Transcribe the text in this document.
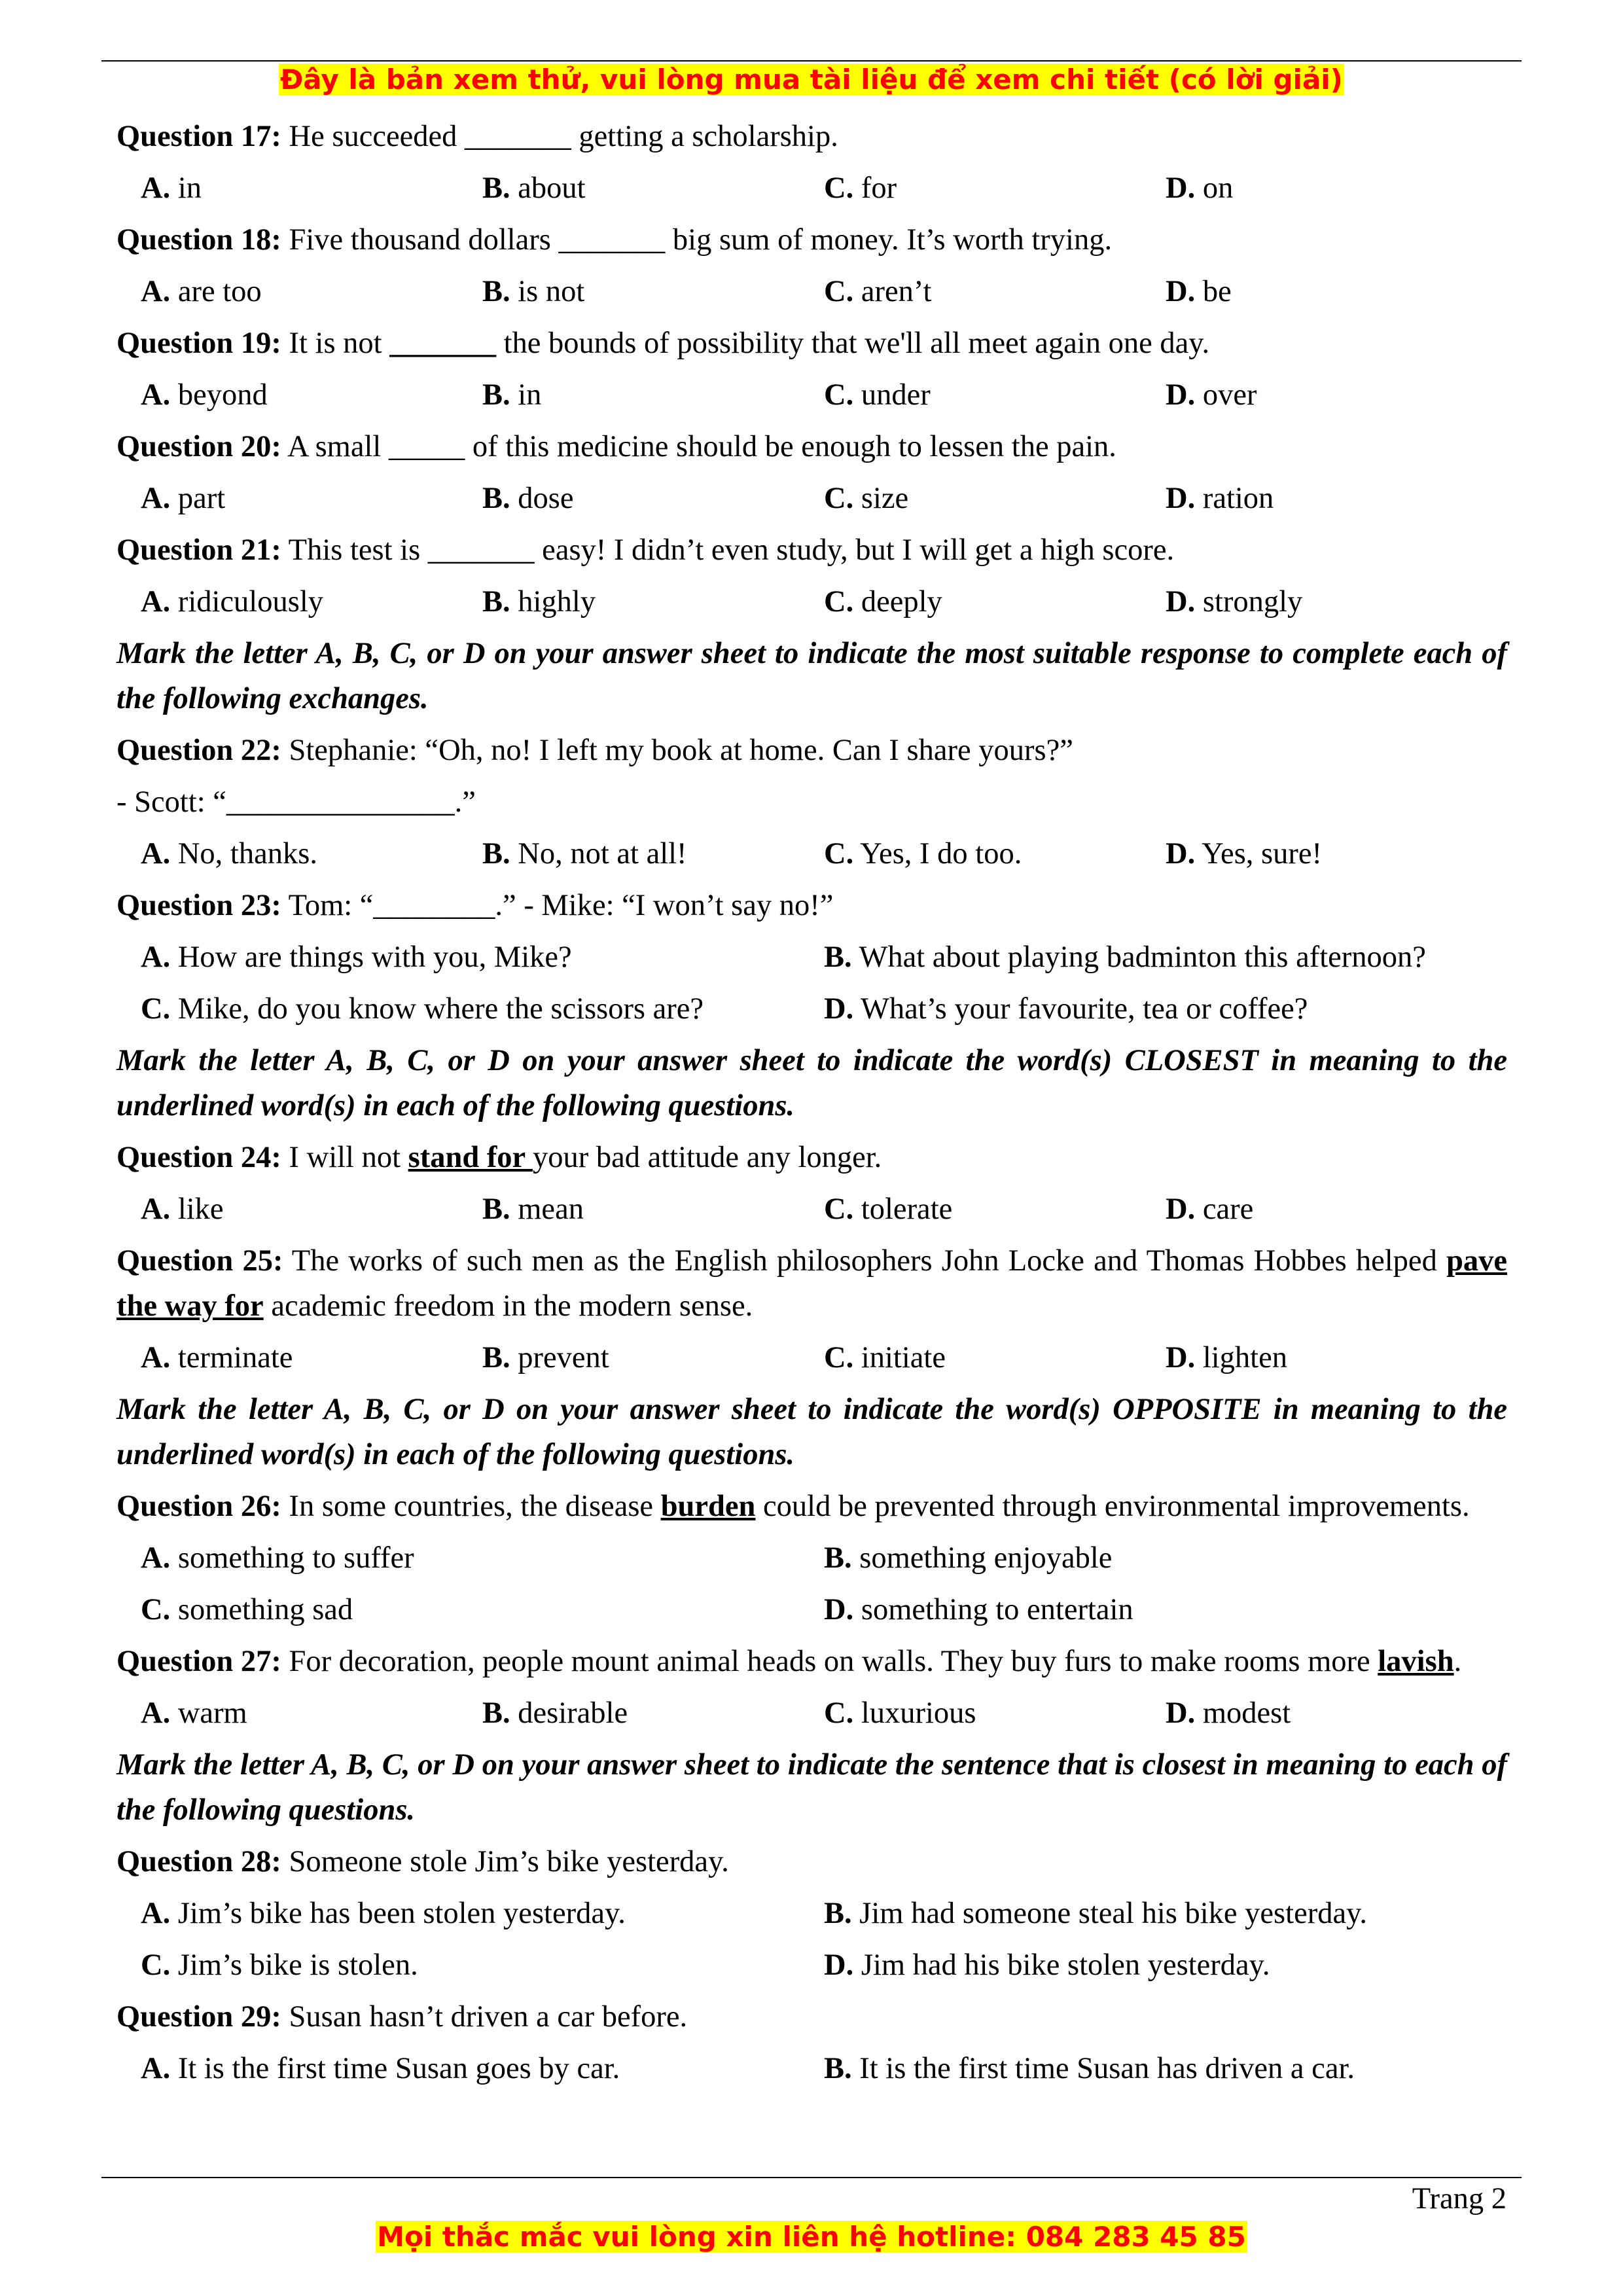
Đây là bản xem thử, vui lòng mua tài liệu để xem chi tiết (có lời giải)
Question 17: He succeeded _______ getting a scholarship.
A. in	B. about	C. for	D. on
Question 18: Five thousand dollars _______ big sum of money. It’s worth trying.
A. are too	B. is not	C. aren’t	D. be
Question 19: It is not _______ the bounds of possibility that we'll all meet again one day.
A. beyond	B. in	C. under	D. over
Question 20: A small _____ of this medicine should be enough to lessen the pain.
A. part	B. dose	C. size	D. ration
Question 21: This test is _______ easy! I didn’t even study, but I will get a high score.
A. ridiculously	B. highly	C. deeply	D. strongly
Mark the letter A, B, C, or D on your answer sheet to indicate the most suitable response to complete each of the following exchanges.
Question 22: Stephanie: “Oh, no! I left my book at home. Can I share yours?”
- Scott: “_______________.”
A. No, thanks.	B. No, not at all!	C. Yes, I do too.	D. Yes, sure!
Question 23: Tom: “________.” - Mike: “I won’t say no!”
A. How are things with you, Mike?	B. What about playing badminton this afternoon?
C. Mike, do you know where the scissors are?	D. What’s your favourite, tea or coffee?
Mark the letter A, B, C, or D on your answer sheet to indicate the word(s) CLOSEST in meaning to the underlined word(s) in each of the following questions.
Question 24: I will not stand for your bad attitude any longer.
A. like	B. mean	C. tolerate	D. care
Question 25: The works of such men as the English philosophers John Locke and Thomas Hobbes helped pave the way for academic freedom in the modern sense.
A. terminate	B. prevent	C. initiate	D. lighten
Mark the letter A, B, C, or D on your answer sheet to indicate the word(s) OPPOSITE in meaning to the underlined word(s) in each of the following questions.
Question 26: In some countries, the disease burden could be prevented through environmental improvements.
A. something to suffer	B. something enjoyable
C. something sad	D. something to entertain
Question 27: For decoration, people mount animal heads on walls. They buy furs to make rooms more lavish.
A. warm	B. desirable	C. luxurious	D. modest
Mark the letter A, B, C, or D on your answer sheet to indicate the sentence that is closest in meaning to each of the following questions.
Question 28: Someone stole Jim’s bike yesterday.
A. Jim’s bike has been stolen yesterday.	B. Jim had someone steal his bike yesterday.
C. Jim’s bike is stolen.	D. Jim had his bike stolen yesterday.
Question 29: Susan hasn’t driven a car before.
A. It is the first time Susan goes by car.	B. It is the first time Susan has driven a car.
Trang 2
Mọi thắc mắc vui lòng xin liên hệ hotline: 084 283 45 85
